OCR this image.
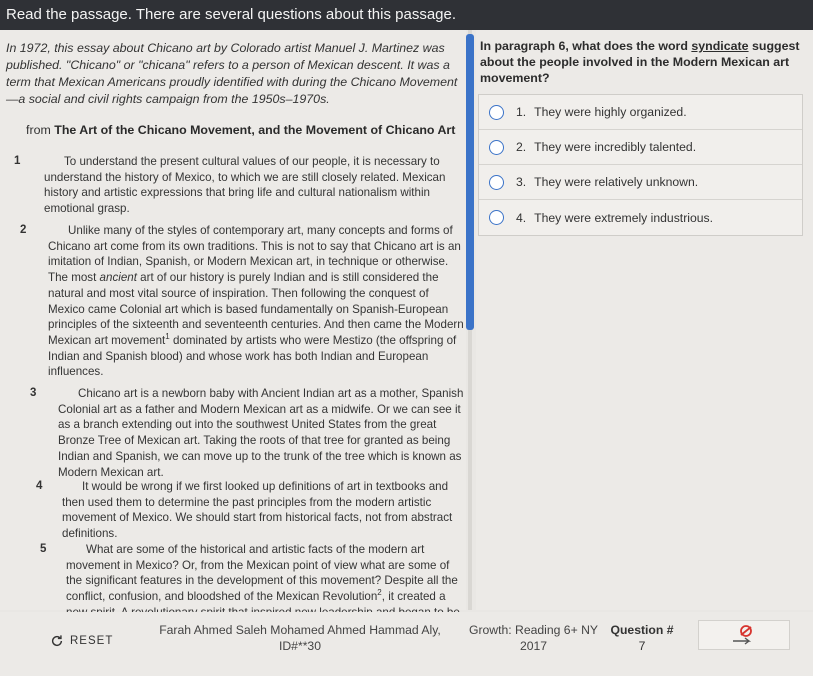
Read the passage. There are several questions about this passage.
In 1972, this essay about Chicano art by Colorado artist Manuel J. Martinez was published. "Chicano" or "chicana" refers to a person of Mexican descent. It was a term that Mexican Americans proudly identified with during the Chicano Movement —a social and civil rights campaign from the 1950s–1970s.
from The Art of the Chicano Movement, and the Movement of Chicano Art
1	To understand the present cultural values of our people, it is necessary to understand the history of Mexico, to which we are still closely related. Mexican history and artistic expressions that bring life and cultural nationalism within emotional grasp.
2	Unlike many of the styles of contemporary art, many concepts and forms of Chicano art come from its own traditions. This is not to say that Chicano art is an imitation of Indian, Spanish, or Modern Mexican art, in technique or otherwise. The most ancient art of our history is purely Indian and is still considered the natural and most vital source of inspiration. Then following the conquest of Mexico came Colonial art which is based fundamentally on Spanish-European principles of the sixteenth and seventeenth centuries. And then came the Modern Mexican art movement$^1$ dominated by artists who were Mestizo (the offspring of Indian and Spanish blood) and whose work has both Indian and European influences.
3	Chicano art is a newborn baby with Ancient Indian art as a mother, Spanish Colonial art as a father and Modern Mexican art as a midwife. Or we can see it as a branch extending out into the southwest United States from the great Bronze Tree of Mexican art. Taking the roots of that tree for granted as being Indian and Spanish, we can move up to the trunk of the tree which is known as Modern Mexican art.
4	It would be wrong if we first looked up definitions of art in textbooks and then used them to determine the past principles from the modern artistic movement of Mexico. We should start from historical facts, not from abstract definitions.
5	What are some of the historical and artistic facts of the modern art movement in Mexico? Or, from the Mexican point of view what are some of the significant features in the development of this movement? Despite all the conflict, confusion, and bloodshed of the Mexican Revolution$^2$, it created a
In paragraph 6, what does the word syndicate suggest about the people involved in the Modern Mexican art movement?
1. They were highly organized.
2. They were incredibly talented.
3. They were relatively unknown.
4. They were extremely industrious.
RESET
Farah Ahmed Saleh Mohamed Ahmed Hammad Aly,
ID#**30
Growth: Reading 6+ NY
2017
Question #
7
